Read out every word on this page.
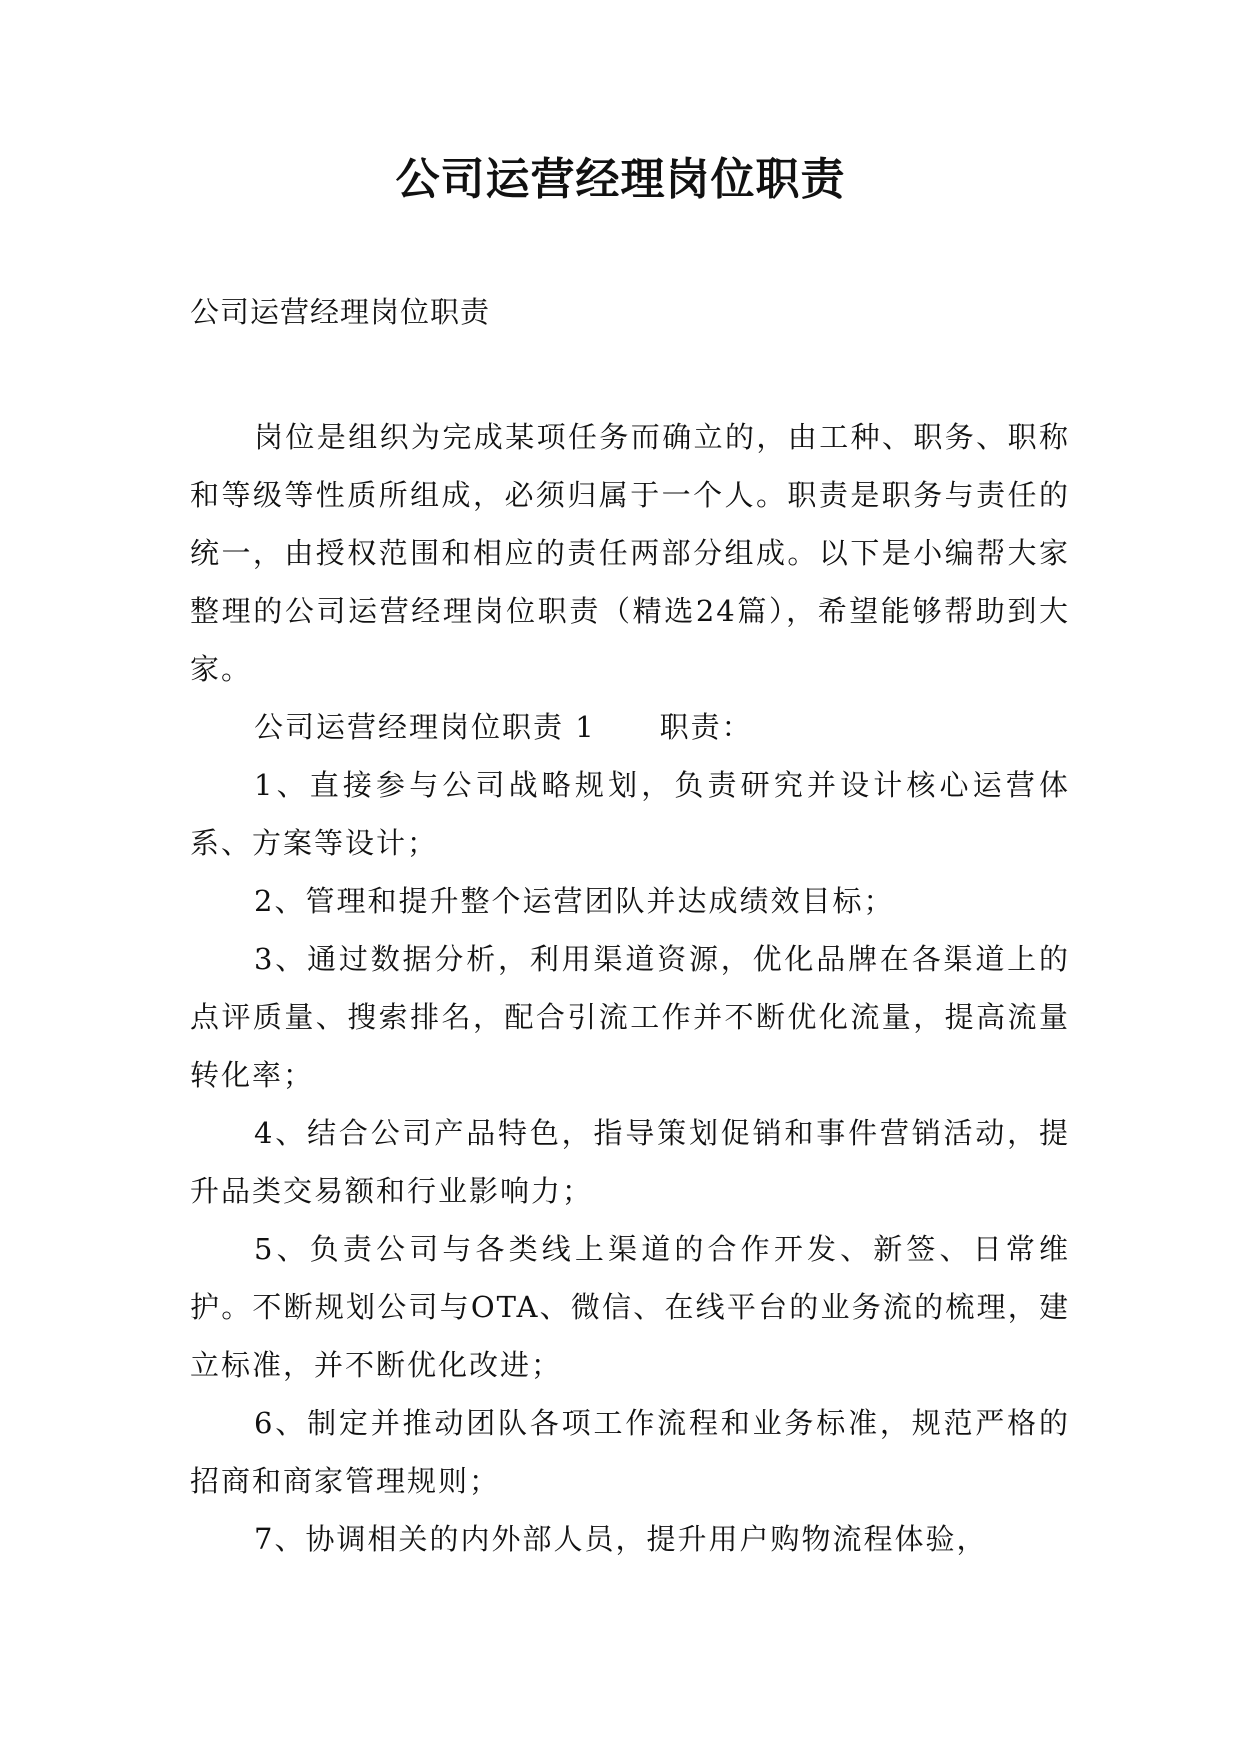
公司运营经理岗位职责

公司运营经理岗位职责

岗位是组织为完成某项任务而确立的，由工种、职务、职称和等级等性质所组成，必须归属于一个人。职责是职务与责任的统一，由授权范围和相应的责任两部分组成。以下是小编帮大家整理的公司运营经理岗位职责（精选24篇），希望能够帮助到大家。

公司运营经理岗位职责 1 职责：

1、直接参与公司战略规划，负责研究并设计核心运营体系、方案等设计；

2、管理和提升整个运营团队并达成绩效目标；

3、通过数据分析，利用渠道资源，优化品牌在各渠道上的点评质量、搜索排名，配合引流工作并不断优化流量，提高流量转化率；

4、结合公司产品特色，指导策划促销和事件营销活动，提升品类交易额和行业影响力；

5、负责公司与各类线上渠道的合作开发、新签、日常维护。不断规划公司与OTA、微信、在线平台的业务流的梳理，建立标准，并不断优化改进；

6、制定并推动团队各项工作流程和业务标准，规范严格的招商和商家管理规则；

7、协调相关的内外部人员，提升用户购物流程体验，
